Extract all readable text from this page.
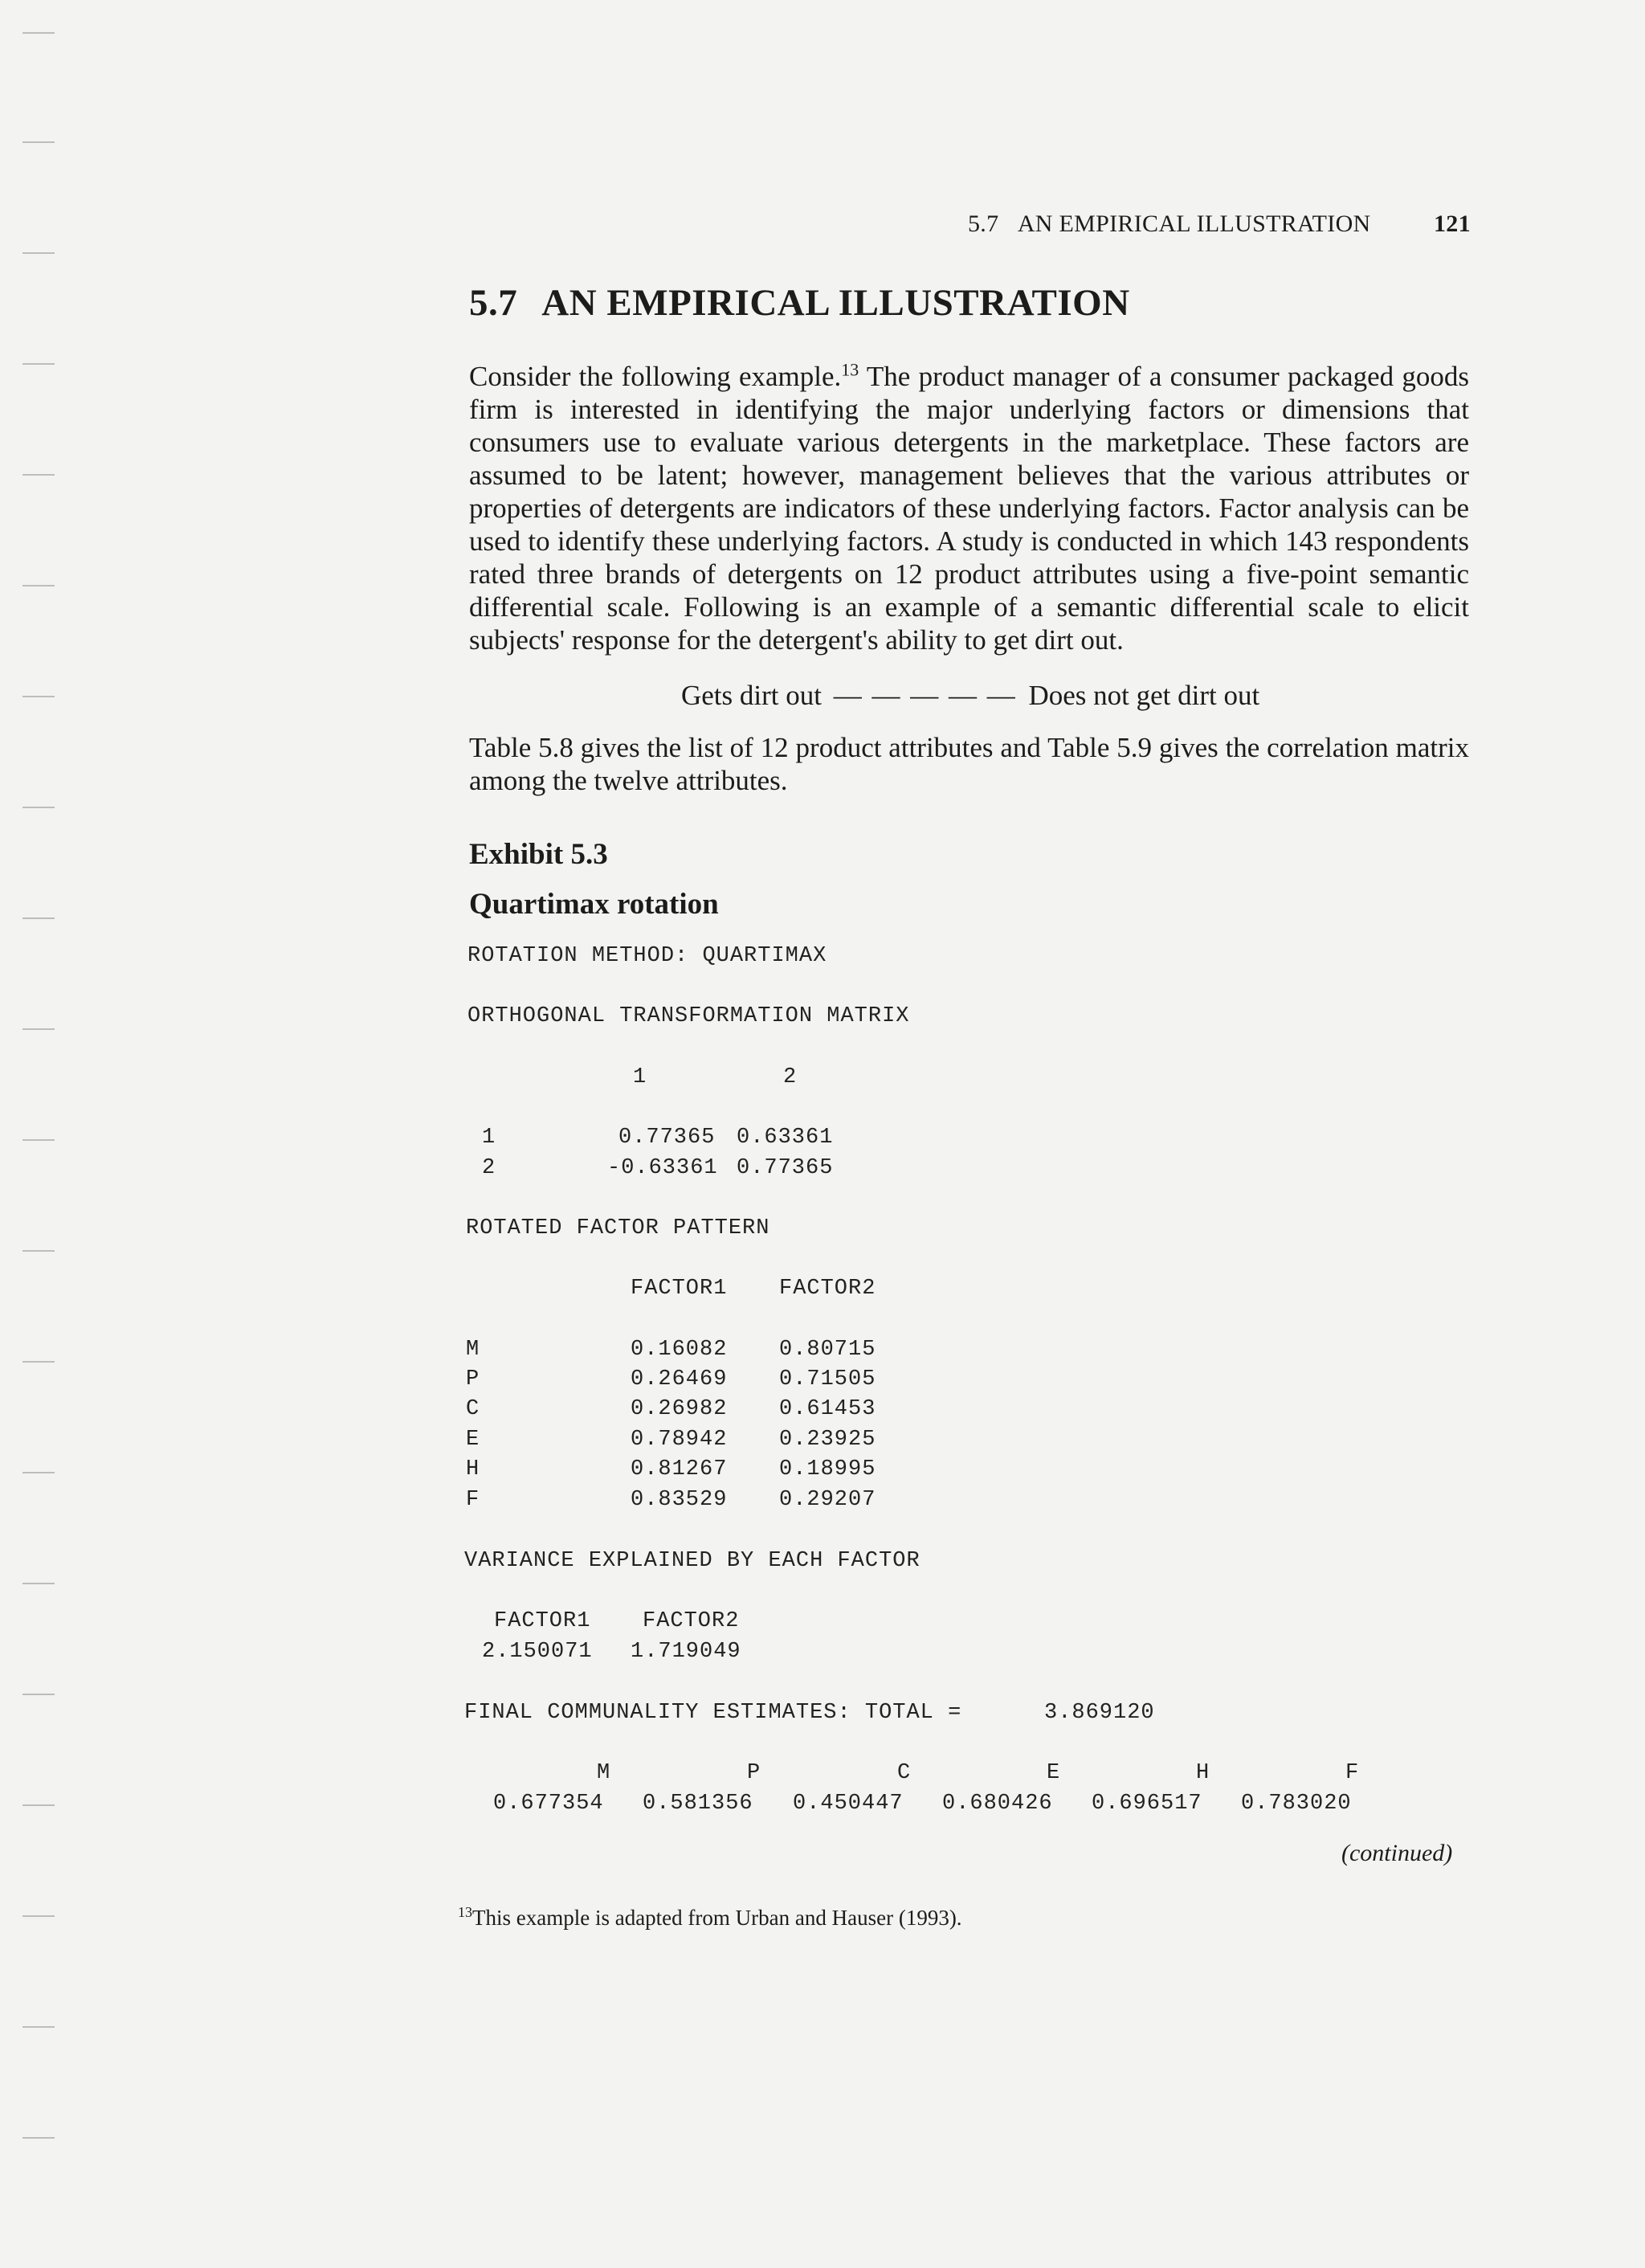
5.7 AN EMPIRICAL ILLUSTRATION	121
5.7 AN EMPIRICAL ILLUSTRATION

Consider the following example.$^{13}$ The product manager of a consumer packaged goods firm is interested in identifying the major underlying factors or dimensions that consumers use to evaluate various detergents in the marketplace. These factors are assumed to be latent; however, management believes that the various attributes or properties of detergents are indicators of these underlying factors. Factor analysis can be used to identify these underlying factors. A study is conducted in which 143 respondents rated three brands of detergents on 12 product attributes using a five-point semantic differential scale. Following is an example of a semantic differential scale to elicit subjects' response for the detergent's ability to get dirt out.

Gets dirt out — — — — — Does not get dirt out

Table 5.8 gives the list of 12 product attributes and Table 5.9 gives the correlation matrix among the twelve attributes.

Exhibit 5.3
Quartimax rotation
ROTATION METHOD: QUARTIMAX
ORTHOGONAL TRANSFORMATION MATRIX
1	2
1	0.77365 0.63361
2	-0.63361 0.77365
ROTATED FACTOR PATTERN
FACTOR1 FACTOR2
M	0.16082 0.80715
P	0.26469 0.71505
C	0.26982 0.61453
E	0.78942 0.23925
H	0.81267 0.18995
F	0.83529 0.29207
VARIANCE EXPLAINED BY EACH FACTOR
FACTOR1 FACTOR2
2.150071 1.719049
FINAL COMMUNALITY ESTIMATES: TOTAL =	3.869120
M	P	C	E	H	F
0.677354 0.581356 0.450447 0.680426 0.696517 0.783020
(continued)
$^{13}$This example is adapted from Urban and Hauser (1993).
